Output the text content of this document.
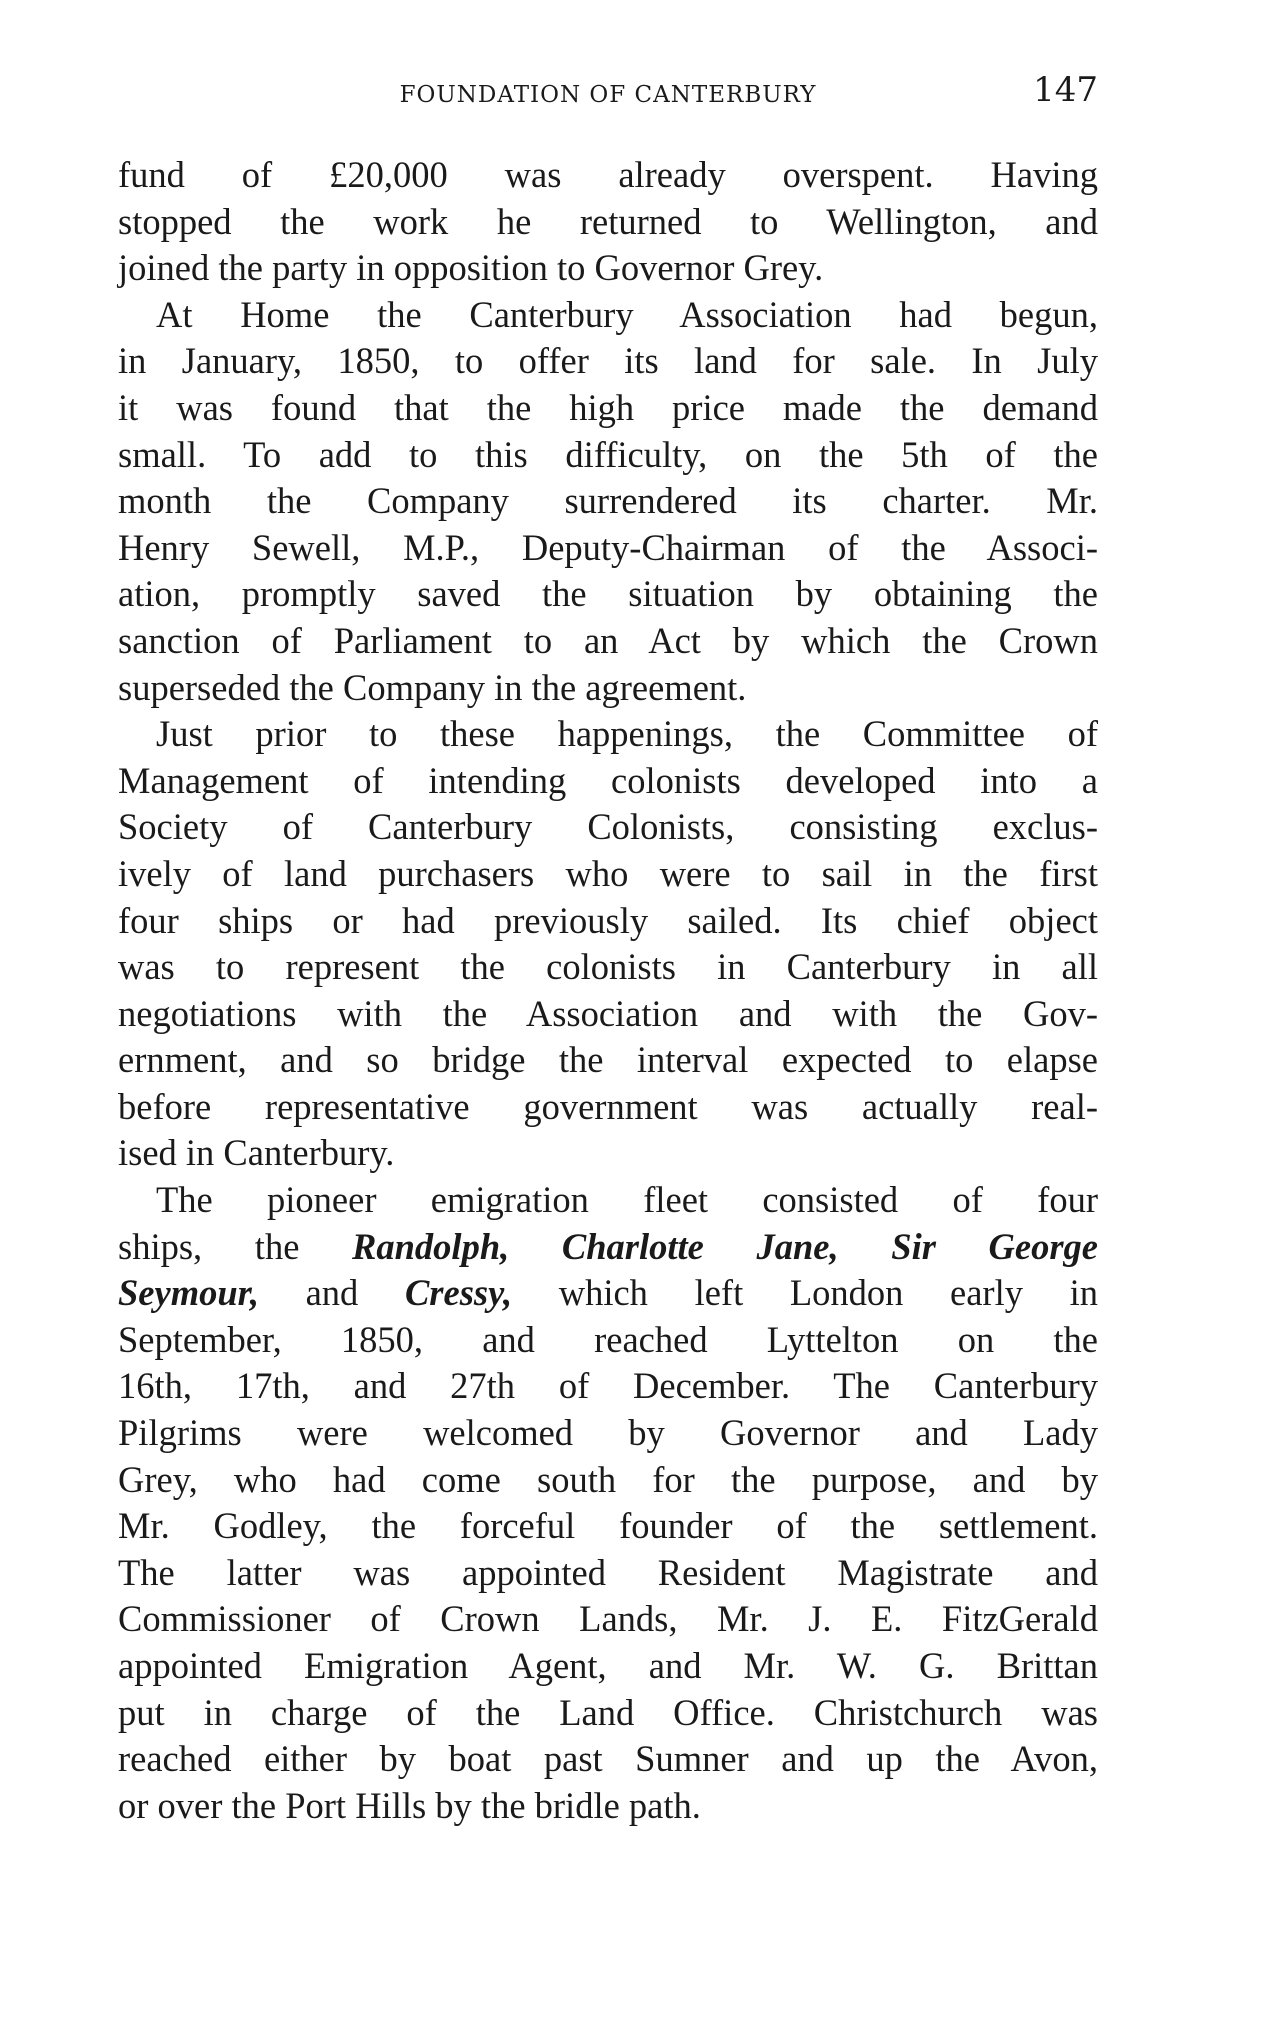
FOUNDATION OF CANTERBURY	147
fund of £20,000 was already overspent. Having
stopped the work he returned to Wellington, and
joined the party in opposition to Governor Grey.
At Home the Canterbury Association had begun,
in January, 1850, to offer its land for sale. In July
it was found that the high price made the demand
small. To add to this difficulty, on the 5th of the
month the Company surrendered its charter. Mr.
Henry Sewell, M.P., Deputy-Chairman of the Associ-
ation, promptly saved the situation by obtaining the
sanction of Parliament to an Act by which the Crown
superseded the Company in the agreement.
Just prior to these happenings, the Committee of
Management of intending colonists developed into a
Society of Canterbury Colonists, consisting exclus-
ively of land purchasers who were to sail in the first
four ships or had previously sailed. Its chief object
was to represent the colonists in Canterbury in all
negotiations with the Association and with the Gov-
ernment, and so bridge the interval expected to elapse
before representative government was actually real-
ised in Canterbury.
The pioneer emigration fleet consisted of four
ships, the Randolph, Charlotte Jane, Sir George
Seymour, and Cressy, which left London early in
September, 1850, and reached Lyttelton on the
16th, 17th, and 27th of December. The Canterbury
Pilgrims were welcomed by Governor and Lady
Grey, who had come south for the purpose, and by
Mr. Godley, the forceful founder of the settlement.
The latter was appointed Resident Magistrate and
Commissioner of Crown Lands, Mr. J. E. FitzGerald
appointed Emigration Agent, and Mr. W. G. Brittan
put in charge of the Land Office. Christchurch was
reached either by boat past Sumner and up the Avon,
or over the Port Hills by the bridle path.
